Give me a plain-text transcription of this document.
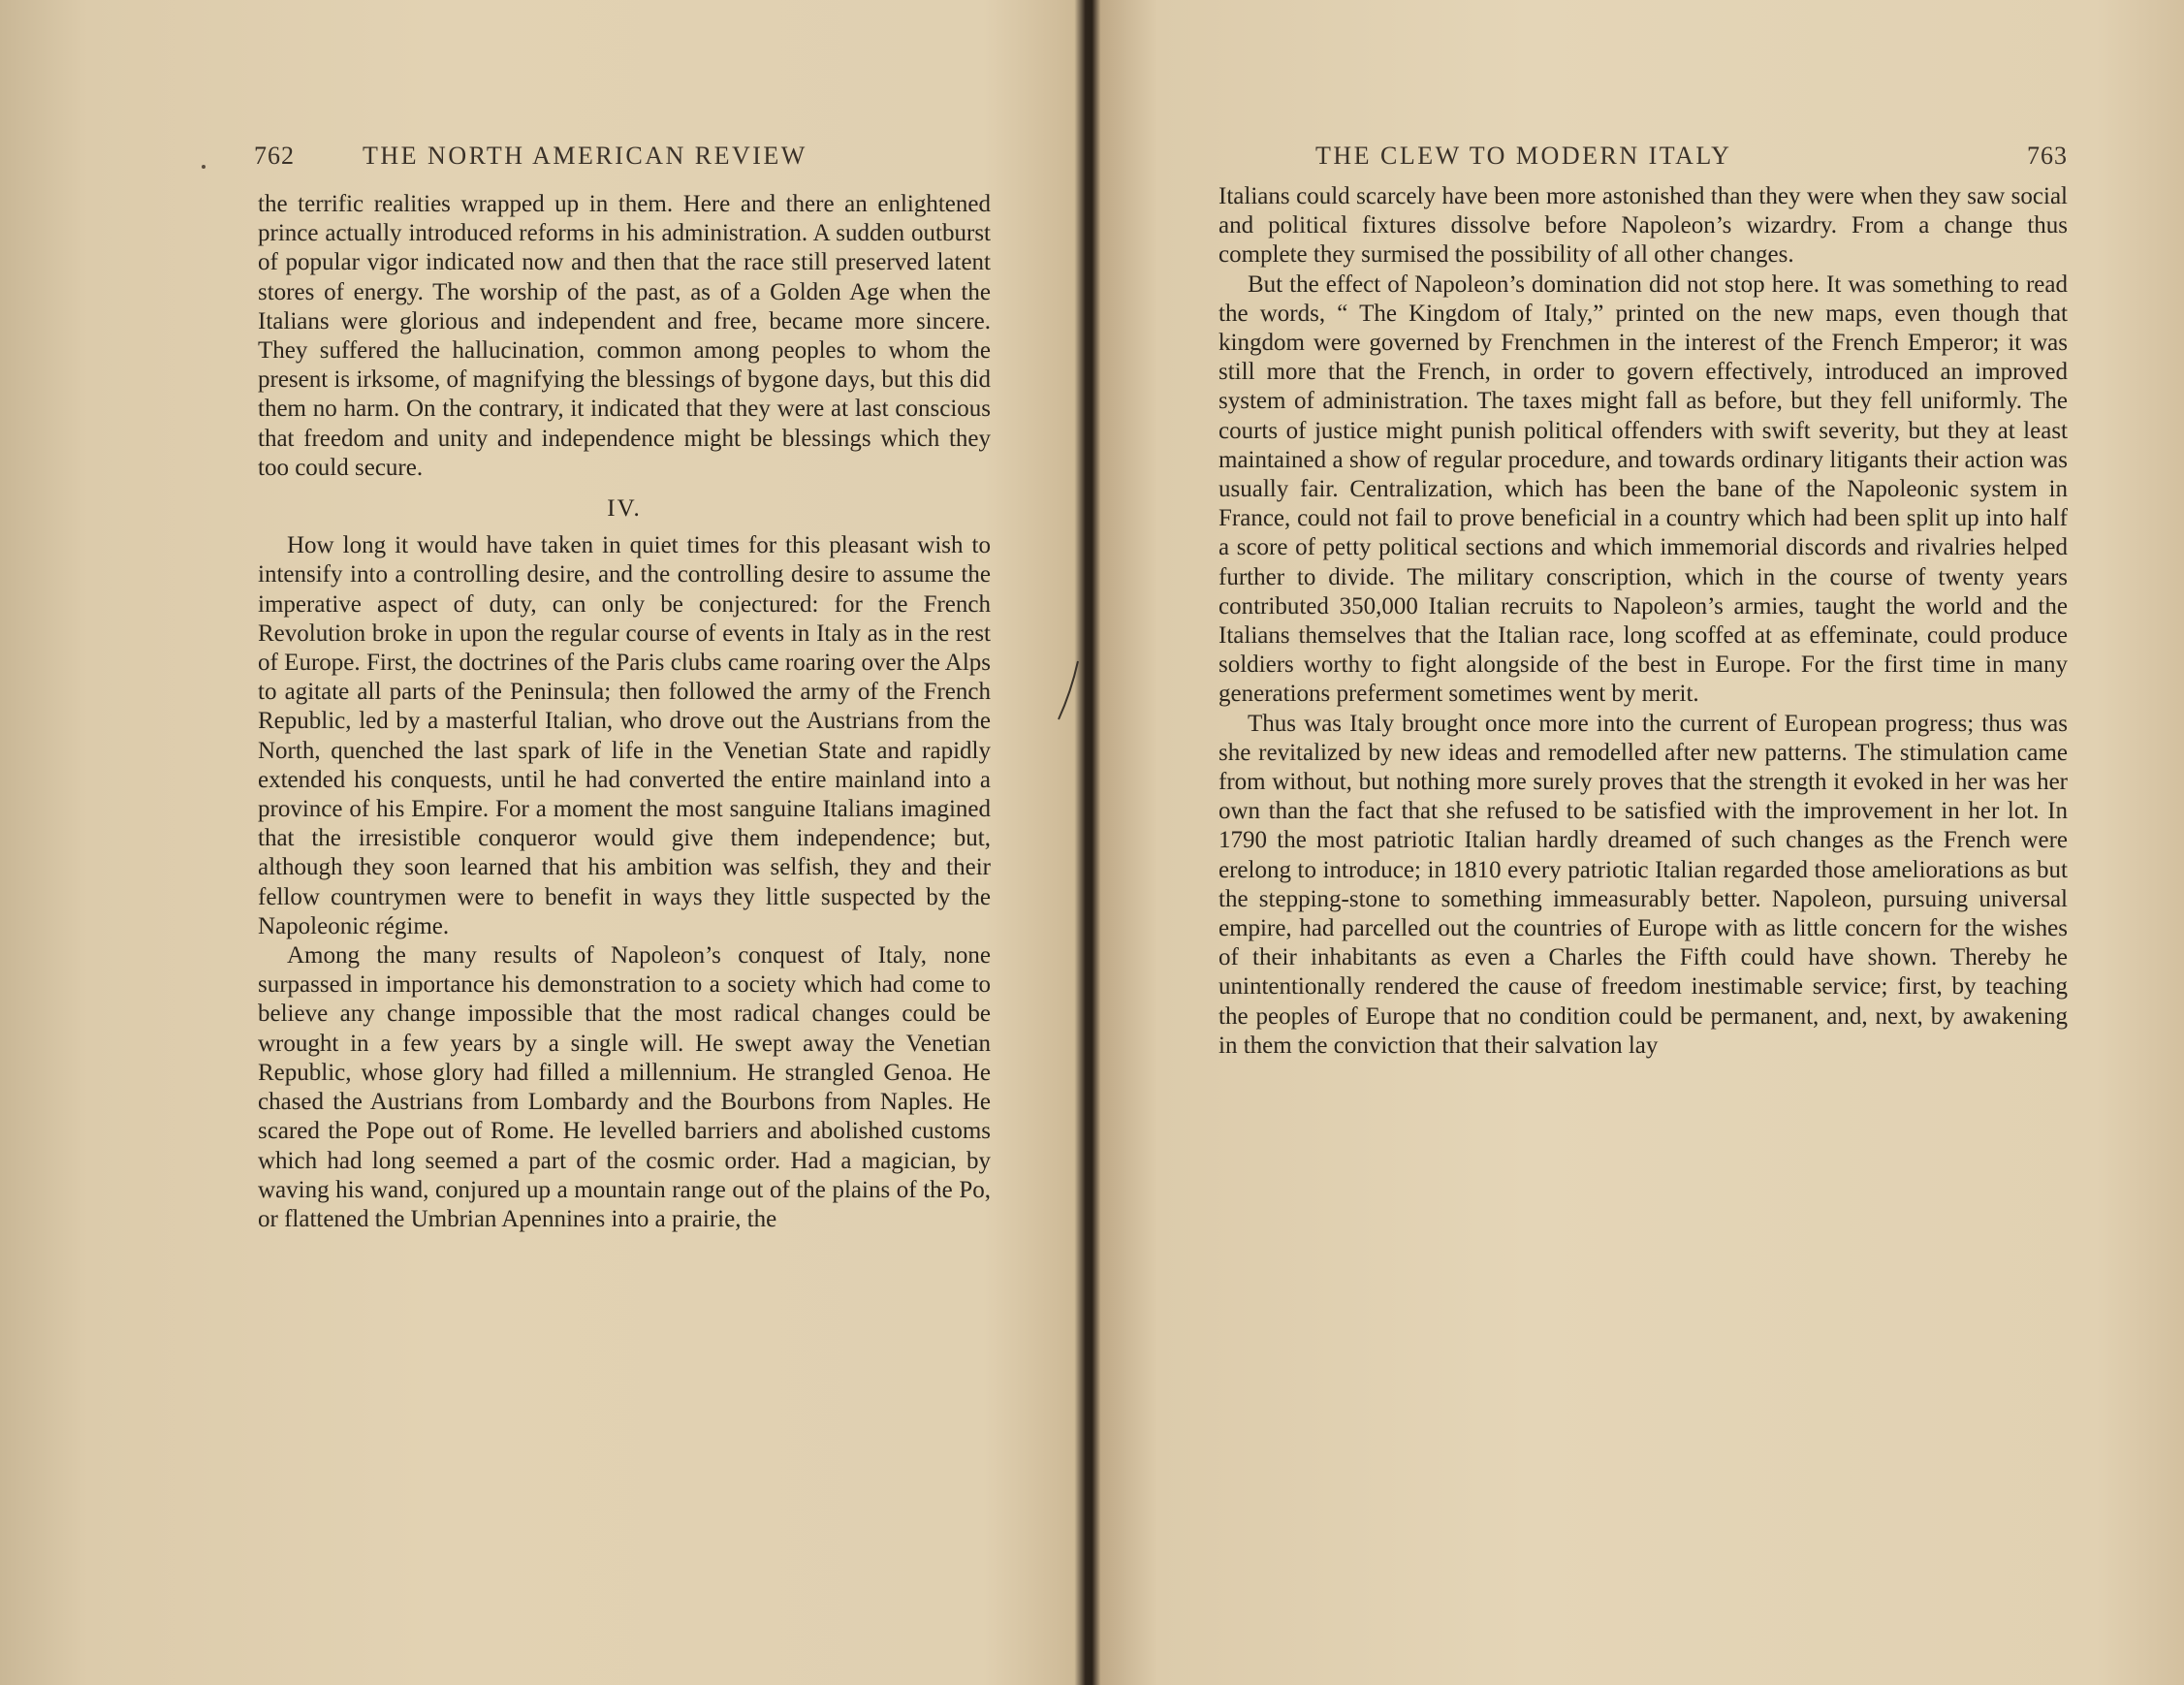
762	THE NORTH AMERICAN REVIEW

the terrific realities wrapped up in them. Here and there an enlightened prince actually introduced reforms in his administration. A sudden outburst of popular vigor indicated now and then that the race still preserved latent stores of energy. The worship of the past, as of a Golden Age when the Italians were glorious and independent and free, became more sincere. They suffered the hallucination, common among peoples to whom the present is irksome, of magnifying the blessings of bygone days, but this did them no harm. On the contrary, it indicated that they were at last conscious that freedom and unity and independence might be blessings which they too could secure.

IV.

How long it would have taken in quiet times for this pleasant wish to intensify into a controlling desire, and the controlling desire to assume the imperative aspect of duty, can only be conjectured: for the French Revolution broke in upon the regular course of events in Italy as in the rest of Europe. First, the doctrines of the Paris clubs came roaring over the Alps to agitate all parts of the Peninsula; then followed the army of the French Republic, led by a masterful Italian, who drove out the Austrians from the North, quenched the last spark of life in the Venetian State and rapidly extended his conquests, until he had converted the entire mainland into a province of his Empire. For a moment the most sanguine Italians imagined that the irresistible conqueror would give them independence; but, although they soon learned that his ambition was selfish, they and their fellow countrymen were to benefit in ways they little suspected by the Napoleonic régime.

Among the many results of Napoleon’s conquest of Italy, none surpassed in importance his demonstration to a society which had come to believe any change impossible that the most radical changes could be wrought in a few years by a single will. He swept away the Venetian Republic, whose glory had filled a millennium. He strangled Genoa. He chased the Austrians from Lombardy and the Bourbons from Naples. He scared the Pope out of Rome. He levelled barriers and abolished customs which had long seemed a part of the cosmic order. Had a magician, by waving his wand, conjured up a mountain range out of the plains of the Po, or flattened the Umbrian Apennines into a prairie, the

THE CLEW TO MODERN ITALY	763

Italians could scarcely have been more astonished than they were when they saw social and political fixtures dissolve before Napoleon’s wizardry. From a change thus complete they surmised the possibility of all other changes.

But the effect of Napoleon’s domination did not stop here. It was something to read the words, “ The Kingdom of Italy,” printed on the new maps, even though that kingdom were governed by Frenchmen in the interest of the French Emperor; it was still more that the French, in order to govern effectively, introduced an improved system of administration. The taxes might fall as before, but they fell uniformly. The courts of justice might punish political offenders with swift severity, but they at least maintained a show of regular procedure, and towards ordinary litigants their action was usually fair. Centralization, which has been the bane of the Napoleonic system in France, could not fail to prove beneficial in a country which had been split up into half a score of petty political sections and which immemorial discords and rivalries helped further to divide. The military conscription, which in the course of twenty years contributed 350,000 Italian recruits to Napoleon’s armies, taught the world and the Italians themselves that the Italian race, long scoffed at as effeminate, could produce soldiers worthy to fight alongside of the best in Europe. For the first time in many generations preferment sometimes went by merit.

Thus was Italy brought once more into the current of European progress; thus was she revitalized by new ideas and remodelled after new patterns. The stimulation came from without, but nothing more surely proves that the strength it evoked in her was her own than the fact that she refused to be satisfied with the improvement in her lot. In 1790 the most patriotic Italian hardly dreamed of such changes as the French were erelong to introduce; in 1810 every patriotic Italian regarded those ameliorations as but the stepping-stone to something immeasurably better. Napoleon, pursuing universal empire, had parcelled out the countries of Europe with as little concern for the wishes of their inhabitants as even a Charles the Fifth could have shown. Thereby he unintentionally rendered the cause of freedom inestimable service; first, by teaching the peoples of Europe that no condition could be permanent, and, next, by awakening in them the conviction that their salvation lay
